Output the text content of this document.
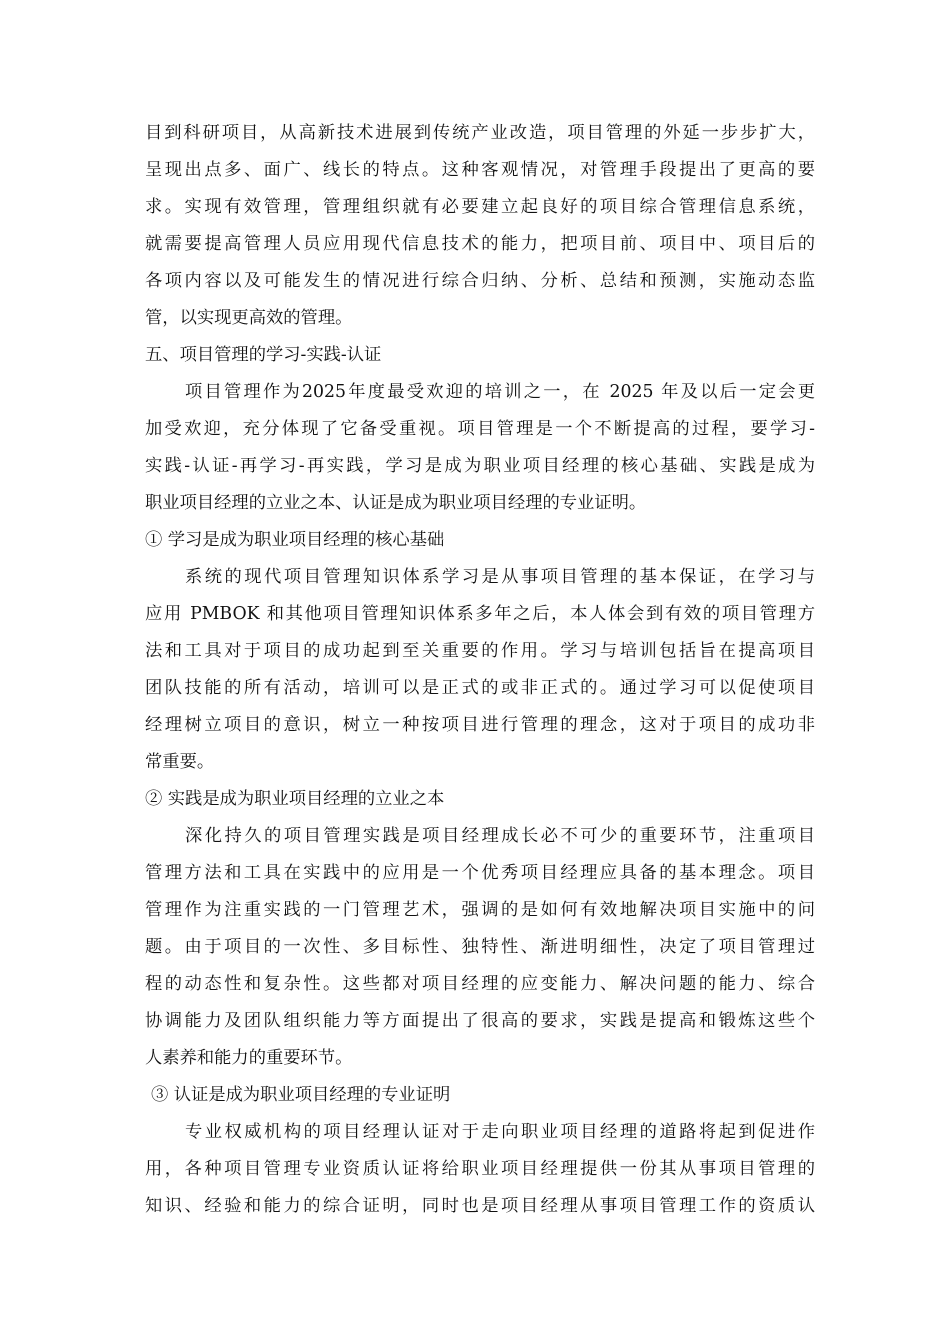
目到科研项目，从高新技术进展到传统产业改造，项目管理的外延一步步扩大，
呈现出点多、面广、线长的特点。这种客观情况，对管理手段提出了更高的要
求。实现有效管理，管理组织就有必要建立起良好的项目综合管理信息系统，
就需要提高管理人员应用现代信息技术的能力，把项目前、项目中、项目后的
各项内容以及可能发生的情况进行综合归纳、分析、总结和预测，实施动态监
管，以实现更高效的管理。
五、项目管理的学习-实践-认证
项目管理作为2025年度最受欢迎的培训之一，在 2025 年及以后一定会更
加受欢迎，充分体现了它备受重视。项目管理是一个不断提高的过程，要学习-
实践-认证-再学习-再实践，学习是成为职业项目经理的核心基础、实践是成为
职业项目经理的立业之本、认证是成为职业项目经理的专业证明。
① 学习是成为职业项目经理的核心基础
系统的现代项目管理知识体系学习是从事项目管理的基本保证，在学习与
应用 PMBOK 和其他项目管理知识体系多年之后，本人体会到有效的项目管理方
法和工具对于项目的成功起到至关重要的作用。学习与培训包括旨在提高项目
团队技能的所有活动，培训可以是正式的或非正式的。通过学习可以促使项目
经理树立项目的意识，树立一种按项目进行管理的理念，这对于项目的成功非
常重要。
② 实践是成为职业项目经理的立业之本
深化持久的项目管理实践是项目经理成长必不可少的重要环节，注重项目
管理方法和工具在实践中的应用是一个优秀项目经理应具备的基本理念。项目
管理作为注重实践的一门管理艺术，强调的是如何有效地解决项目实施中的问
题。由于项目的一次性、多目标性、独特性、渐进明细性，决定了项目管理过
程的动态性和复杂性。这些都对项目经理的应变能力、解决问题的能力、综合
协调能力及团队组织能力等方面提出了很高的要求，实践是提高和锻炼这些个
人素养和能力的重要环节。
③ 认证是成为职业项目经理的专业证明
专业权威机构的项目经理认证对于走向职业项目经理的道路将起到促进作
用，各种项目管理专业资质认证将给职业项目经理提供一份其从事项目管理的
知识、经验和能力的综合证明，同时也是项目经理从事项目管理工作的资质认
